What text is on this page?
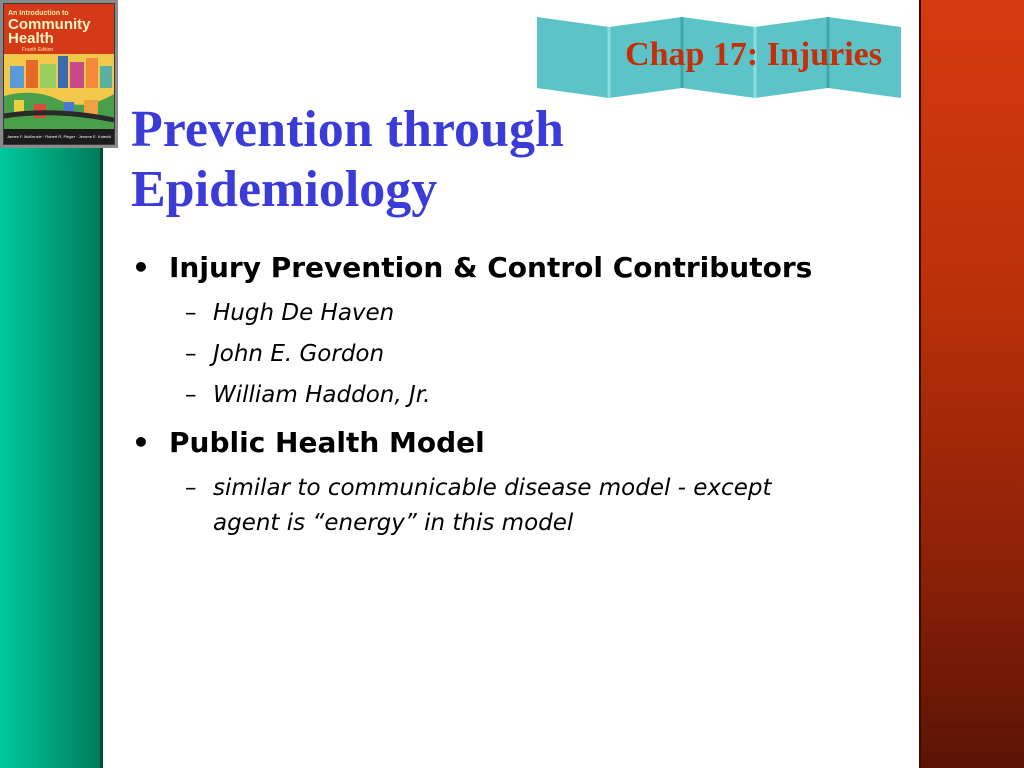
An Introduction to
Community Health
Fourth Edition
James F. McKenzie · Robert R. Pinger · Jerome E. Kotecki
Chap 17: Injuries
Prevention through Epidemiology
• Injury Prevention & Control Contributors
– Hugh De Haven
– John E. Gordon
– William Haddon, Jr.
• Public Health Model
– similar to communicable disease model - except agent is “energy” in this model
